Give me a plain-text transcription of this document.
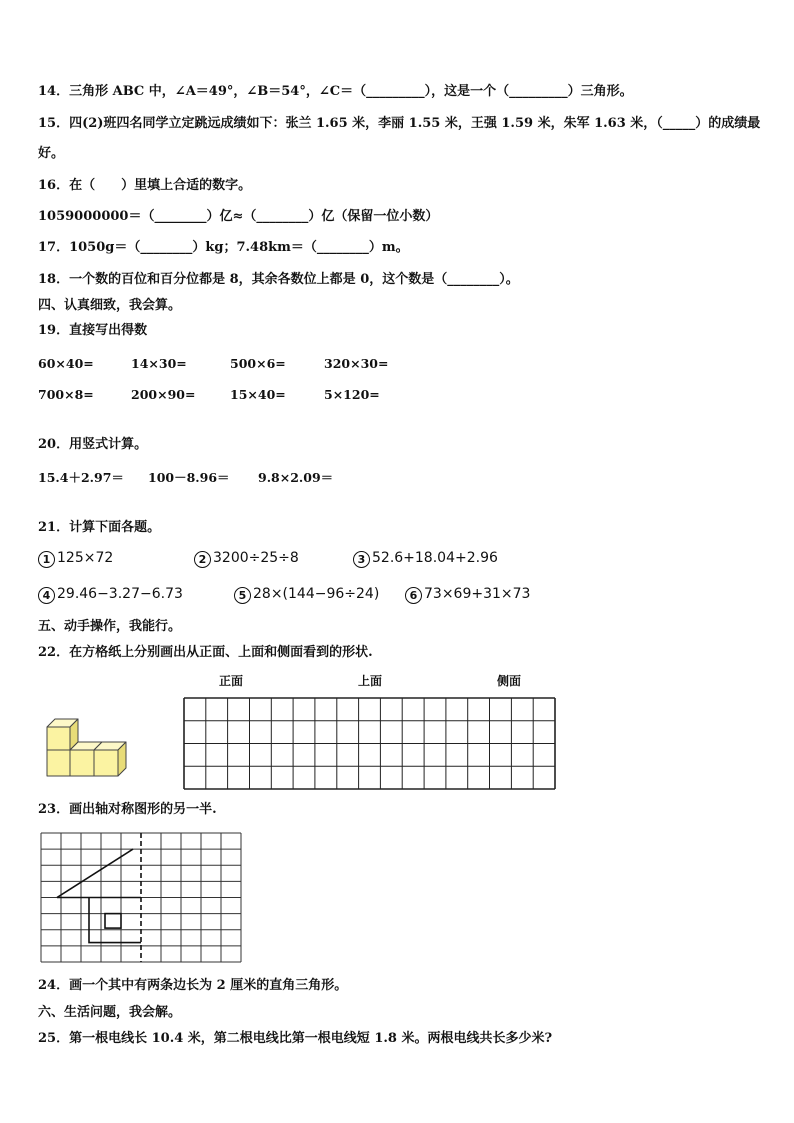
14．三角形 ABC 中，∠A＝49°，∠B＝54°，∠C＝（_________），这是一个（_________）三角形。
15．四(2)班四名同学立定跳远成绩如下：张兰 1.65 米，李丽 1.55 米，王强 1.59 米，朱军 1.63 米，（_____）的成绩最
好。
16．在（　　）里填上合适的数字。
1059000000＝（________）亿≈（________）亿（保留一位小数）
17．1050g＝（________）kg；7.48km＝（________）m。
18．一个数的百位和百分位都是 8，其余各数位上都是 0，这个数是（________）。
四、认真细致，我会算。
19．直接写出得数
60×40=	14×30=	500×6=	320×30=
700×8=	200×90=	15×40=	5×120=
20．用竖式计算。
15.4＋2.97＝ 100－8.96＝ 9.8×2.09＝
21．计算下面各题。
1 125×72	2 3200÷25÷8	3 52.6+18.04+2.96
4 29.46−3.27−6.73	5 28×(144−96÷24)	6 73×69+31×73
五、动手操作，我能行。
22．在方格纸上分别画出从正面、上面和侧面看到的形状.
正面	上面	侧面
23．画出轴对称图形的另一半.
24．画一个其中有两条边长为 2 厘米的直角三角形。
六、生活问题，我会解。
25．第一根电线长 10.4 米，第二根电线比第一根电线短 1.8 米。两根电线共长多少米?
